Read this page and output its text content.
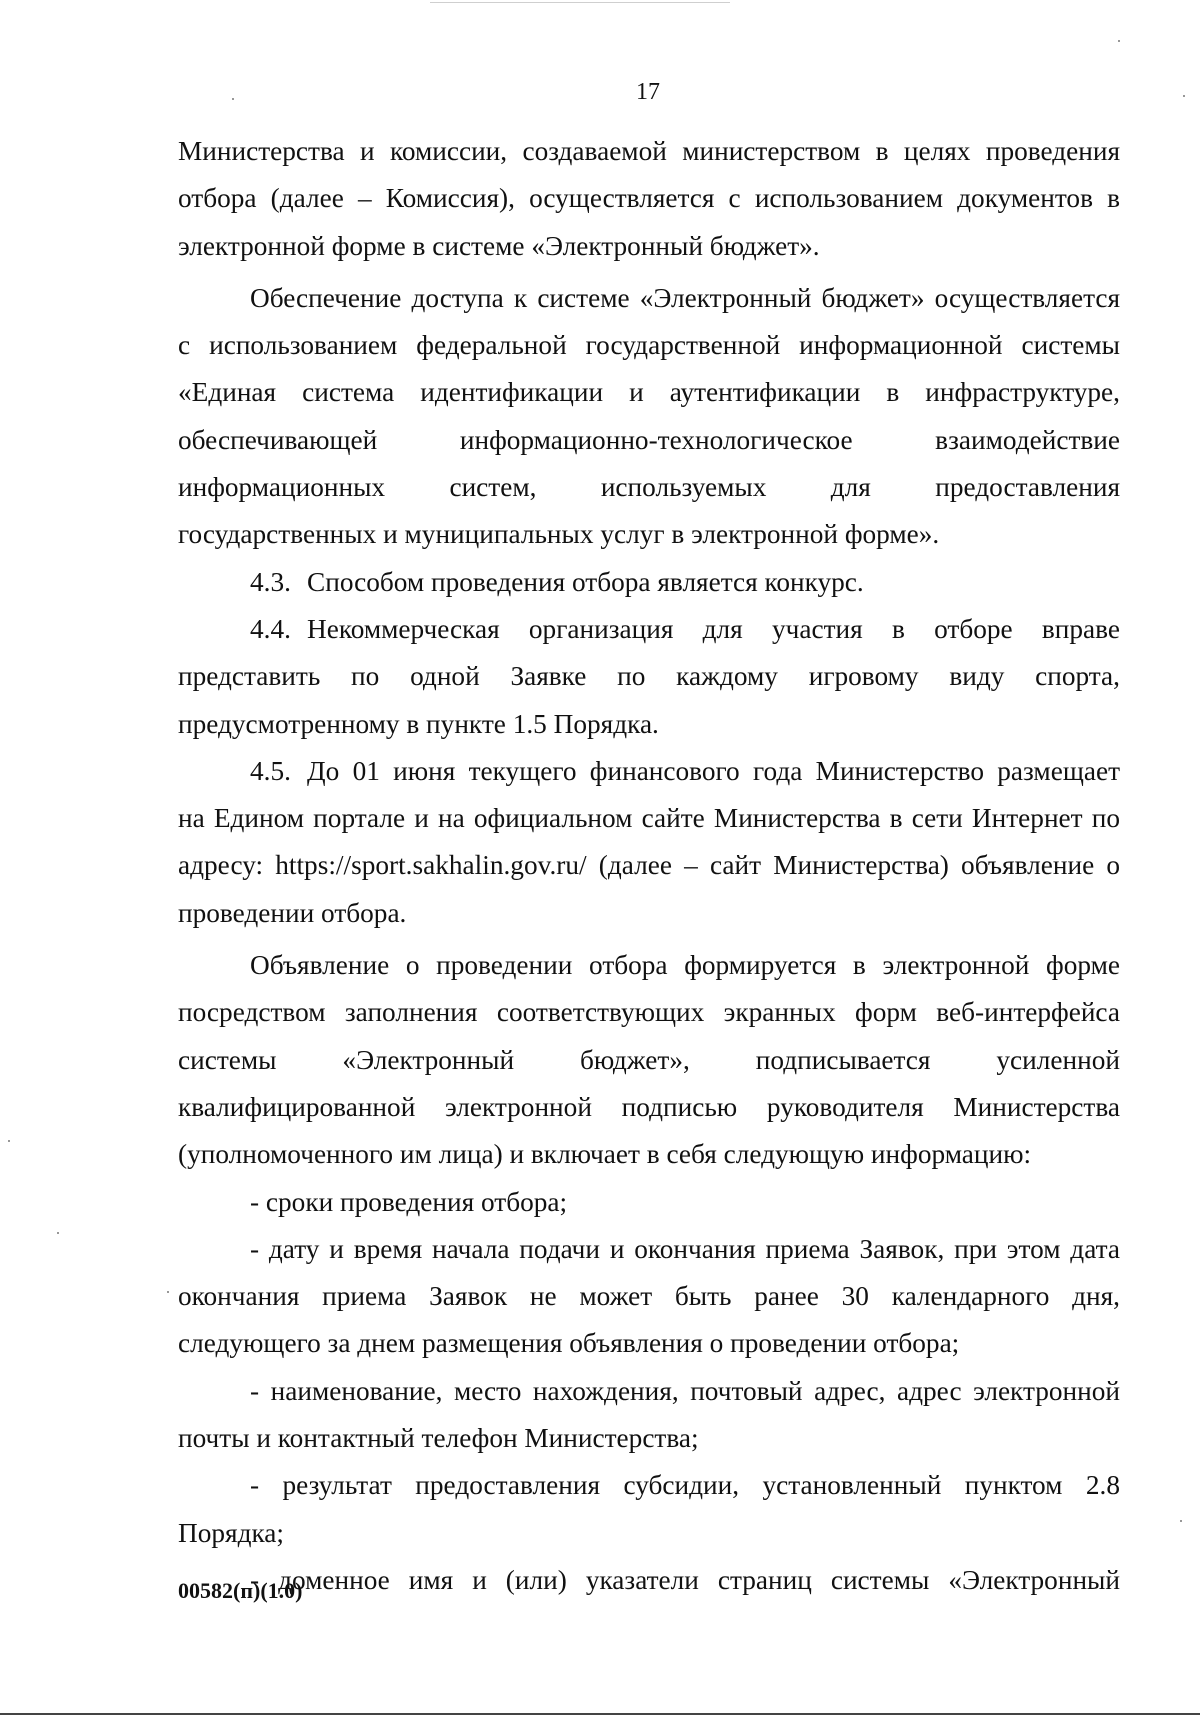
17

Министерства и комиссии, создаваемой министерством в целях проведения

отбора (далее – Комиссия), осуществляется с использованием документов в

электронной форме в системе «Электронный бюджет».

Обеспечение доступа к системе «Электронный бюджет» осуществляется

с использованием федеральной государственной информационной системы

«Единая система идентификации и аутентификации в инфраструктуре,

обеспечивающей информационно-технологическое взаимодействие

информационных систем, используемых для предоставления

государственных и муниципальных услуг в электронной форме».

4.3. Способом проведения отбора является конкурс.

4.4. Некоммерческая организация для участия в отборе вправе

представить по одной Заявке по каждому игровому виду спорта,

предусмотренному в пункте 1.5 Порядка.

4.5. До 01 июня текущего финансового года Министерство размещает

на Едином портале и на официальном сайте Министерства в сети Интернет по

адресу: https://sport.sakhalin.gov.ru/ (далее – сайт Министерства) объявление о

проведении отбора.

Объявление о проведении отбора формируется в электронной форме

посредством заполнения соответствующих экранных форм веб-интерфейса

системы «Электронный бюджет», подписывается усиленной

квалифицированной электронной подписью руководителя Министерства

(уполномоченного им лица) и включает в себя следующую информацию:

- сроки проведения отбора;

- дату и время начала подачи и окончания приема Заявок, при этом дата

окончания приема Заявок не может быть ранее 30 календарного дня,

следующего за днем размещения объявления о проведении отбора;

- наименование, место нахождения, почтовый адрес, адрес электронной

почты и контактный телефон Министерства;

- результат предоставления субсидии, установленный пунктом 2.8

Порядка;

- доменное имя и (или) указатели страниц системы «Электронный

00582(п)(1.0)
